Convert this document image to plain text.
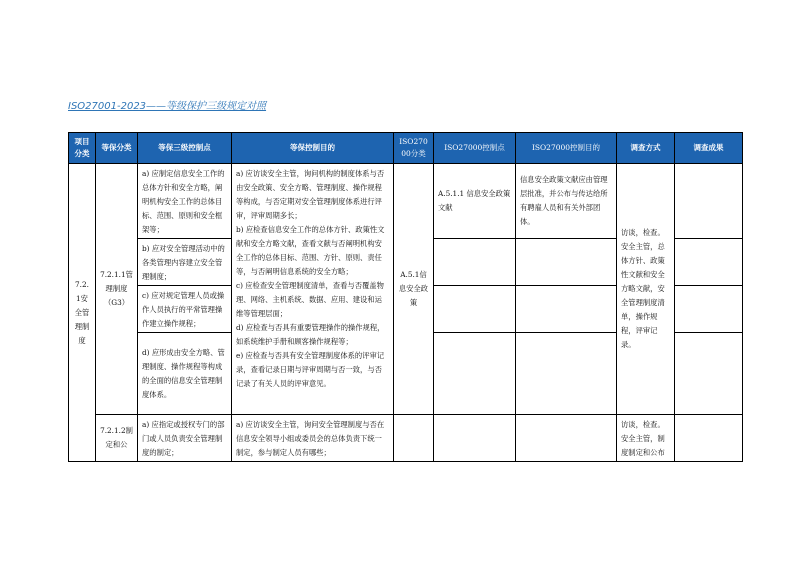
ISO27001-2023——等级保护三级规定对照
项目分类	等保分类	等保三级控制点	等保控制目的	ISO27000分类	ISO27000控制点	ISO27000控制目的	调查方式	调查成果
7.2.1安全管理制度	7.2.1.1管理制度（G3）	a) 应制定信息安全工作的总体方针和安全方略，阐明机构安全工作的总体目标、范围、原则和安全框架等；	a) 应访谈安全主管，询问机构的制度体系与否由安全政策、安全方略、管理制度、操作规程等构成，与否定期对安全管理制度体系进行评审，评审周期多长；
b) 应检查信息安全工作的总体方针、政策性文献和安全方略文献，查看文献与否阐明机构安全工作的总体目标、范围、方针、原则、责任等，与否阐明信息系统的安全方略；
c) 应检查安全管理制度清单，查看与否覆盖物理、网络、主机系统、数据、应用、建设和运维等管理层面；
d) 应检查与否具有重要管理操作的操作规程，如系统维护手册和顾客操作规程等；
e) 应检查与否具有安全管理制度体系的评审记录，查看记录日期与评审周期与否一致，与否记录了有关人员的评审意见。	A.5.1信息安全政策	A.5.1.1 信息安全政策文献	信息安全政策文献应由管理层批准，并公布与传达给所有聘雇人员和有关外部团体。	访谈，检查。安全主管，总体方针、政策性文献和安全方略文献，安全管理制度清单，操作规程，评审记录。	
		b) 应对安全管理活动中的各类管理内容建立安全管理制度；						
		c) 应对规定管理人员或操作人员执行的平常管理操作建立操作规程；						
		d) 应形成由安全方略、管理制度、操作规程等构成的全面的信息安全管理制度体系。						
	7.2.1.2制定和公	a) 应指定或授权专门的部门或人员负责安全管理制度的制定；	a) 应访谈安全主管，询问安全管理制度与否在信息安全领导小组或委员会的总体负责下统一制定，参与制定人员有哪些；				访谈，检查。安全主管，制度制定和公布	
